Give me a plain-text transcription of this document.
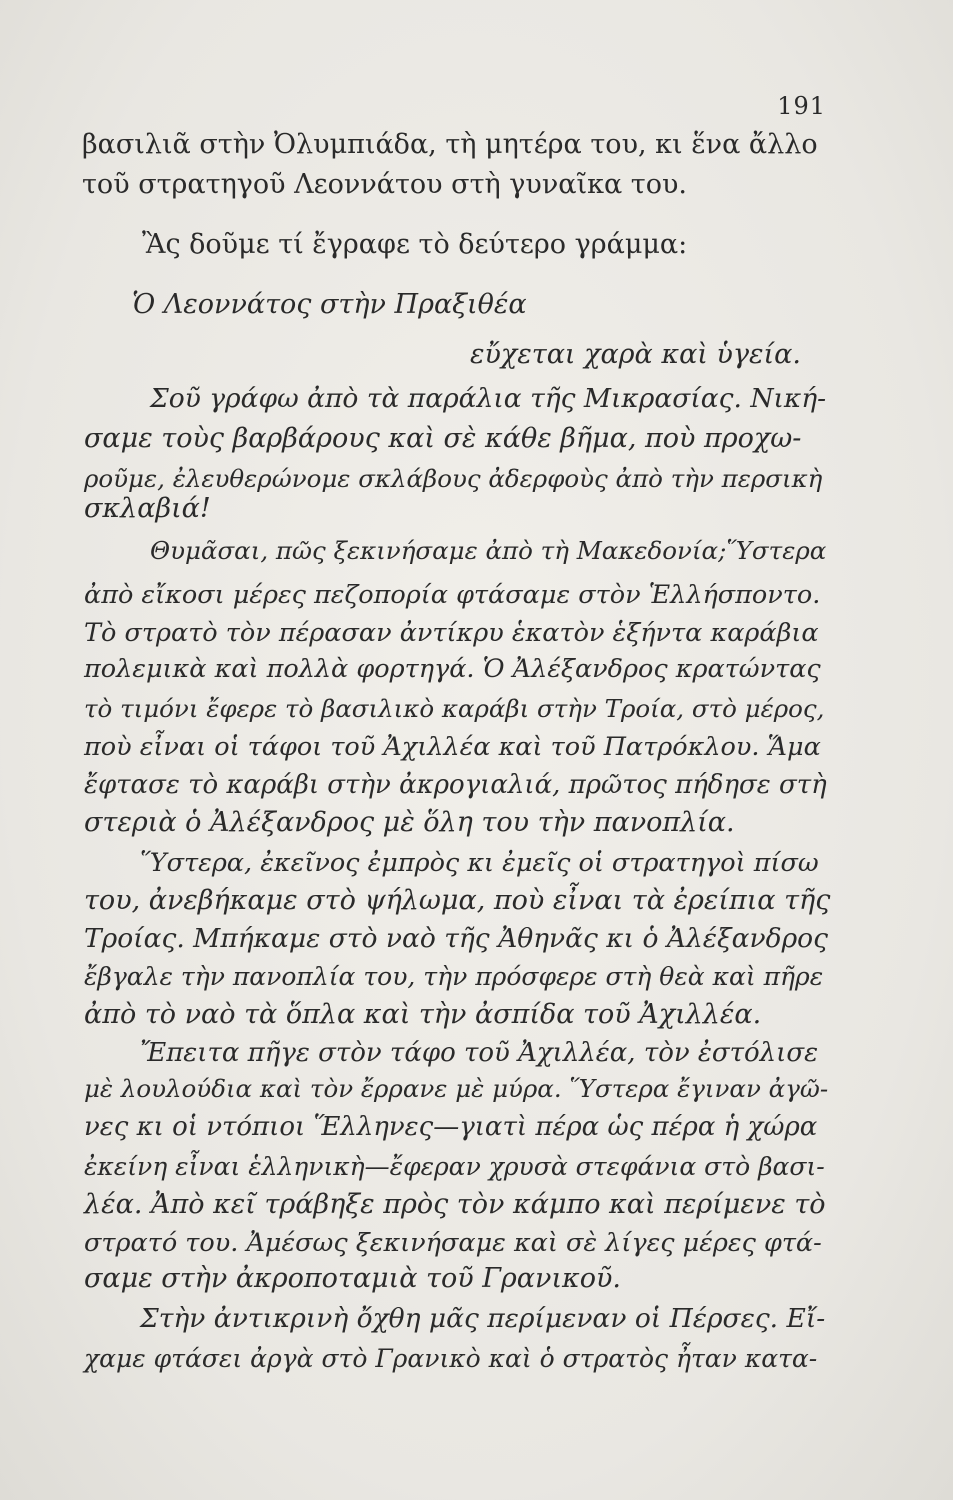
191
βασιλιᾶ στὴν Ὀλυμπιάδα, τὴ μητέρα του, κι ἕνα ἄλλο
τοῦ στρατηγοῦ Λεοννάτου στὴ γυναῖκα του.
Ἂς δοῦμε τί ἔγραφε τὸ δεύτερο γράμμα:
Ὁ Λεοννάτος στὴν Πραξιθέα
εὔχεται χαρὰ καὶ ὑγεία.
Σοῦ γράφω ἀπὸ τὰ παράλια τῆς Μικρασίας. Νική-
σαμε τοὺς βαρβάρους καὶ σὲ κάθε βῆμα, ποὺ προχω-
ροῦμε, ἐλευθερώνομε σκλάβους ἀδερφοὺς ἀπὸ τὴν περσικὴ
σκλαβιά!
Θυμᾶσαι, πῶς ξεκινήσαμε ἀπὸ τὴ Μακεδονία;Ὕστερα
ἀπὸ εἴκοσι μέρες πεζοπορία φτάσαμε στὸν Ἑλλήσποντο.
Τὸ στρατὸ τὸν πέρασαν ἀντίκρυ ἑκατὸν ἑξήντα καράβια
πολεμικὰ καὶ πολλὰ φορτηγά. Ὁ Ἀλέξανδρος κρατώντας
τὸ τιμόνι ἔφερε τὸ βασιλικὸ καράβι στὴν Τροία, στὸ μέρος,
ποὺ εἶναι οἱ τάφοι τοῦ Ἀχιλλέα καὶ τοῦ Πατρόκλου. Ἅμα
ἔφτασε τὸ καράβι στὴν ἀκρογιαλιά, πρῶτος πήδησε στὴ
στεριὰ ὁ Ἀλέξανδρος μὲ ὅλη του τὴν πανοπλία.
Ὕστερα, ἐκεῖνος ἐμπρὸς κι ἐμεῖς οἱ στρατηγοὶ πίσω
του, ἀνεβήκαμε στὸ ψήλωμα, ποὺ εἶναι τὰ ἐρείπια τῆς
Τροίας. Μπήκαμε στὸ ναὸ τῆς Ἀθηνᾶς κι ὁ Ἀλέξανδρος
ἔβγαλε τὴν πανοπλία του, τὴν πρόσφερε στὴ θεὰ καὶ πῆρε
ἀπὸ τὸ ναὸ τὰ ὅπλα καὶ τὴν ἀσπίδα τοῦ Ἀχιλλέα.
Ἔπειτα πῆγε στὸν τάφο τοῦ Ἀχιλλέα, τὸν ἐστόλισε
μὲ λουλούδια καὶ τὸν ἔρρανε μὲ μύρα. Ὕστερα ἔγιναν ἀγῶ-
νες κι οἱ ντόπιοι Ἕλληνες—γιατὶ πέρα ὡς πέρα ἡ χώρα
ἐκείνη εἶναι ἑλληνικὴ—ἔφεραν χρυσὰ στεφάνια στὸ βασι-
λέα. Ἀπὸ κεῖ τράβηξε πρὸς τὸν κάμπο καὶ περίμενε τὸ
στρατό του. Ἀμέσως ξεκινήσαμε καὶ σὲ λίγες μέρες φτά-
σαμε στὴν ἀκροποταμιὰ τοῦ Γρανικοῦ.
Στὴν ἀντικρινὴ ὄχθη μᾶς περίμεναν οἱ Πέρσες. Εἴ-
χαμε φτάσει ἀργὰ στὸ Γρανικὸ καὶ ὁ στρατὸς ἦταν κατα-
